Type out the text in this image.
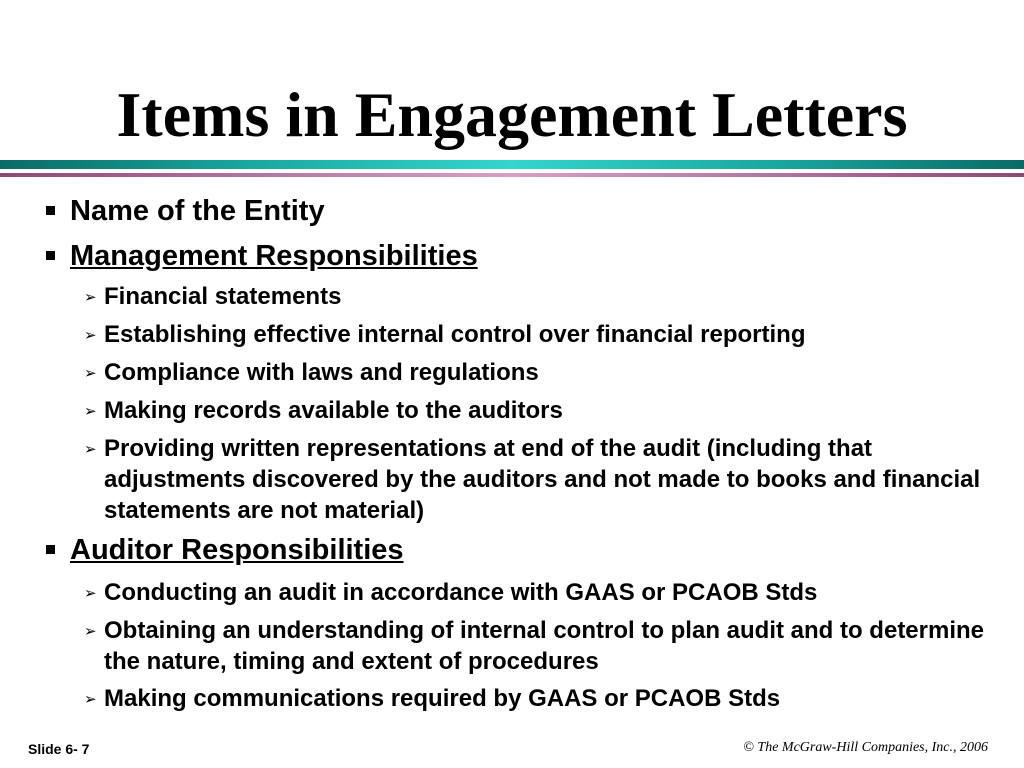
Items in Engagement Letters

Name of the Entity

Management Responsibilities

➢ Financial statements

➢ Establishing effective internal control over financial reporting

➢ Compliance with laws and regulations

➢ Making records available to the auditors

➢ Providing written representations at end of the audit (including that adjustments discovered by the auditors and not made to books and financial statements are not material)

Auditor Responsibilities

➢ Conducting an audit in accordance with GAAS or PCAOB Stds

➢ Obtaining an understanding of internal control to plan audit and to determine the nature, timing and extent of procedures

➢ Making communications required by GAAS or PCAOB Stds

Slide 6- 7	© The McGraw-Hill Companies, Inc., 2006
